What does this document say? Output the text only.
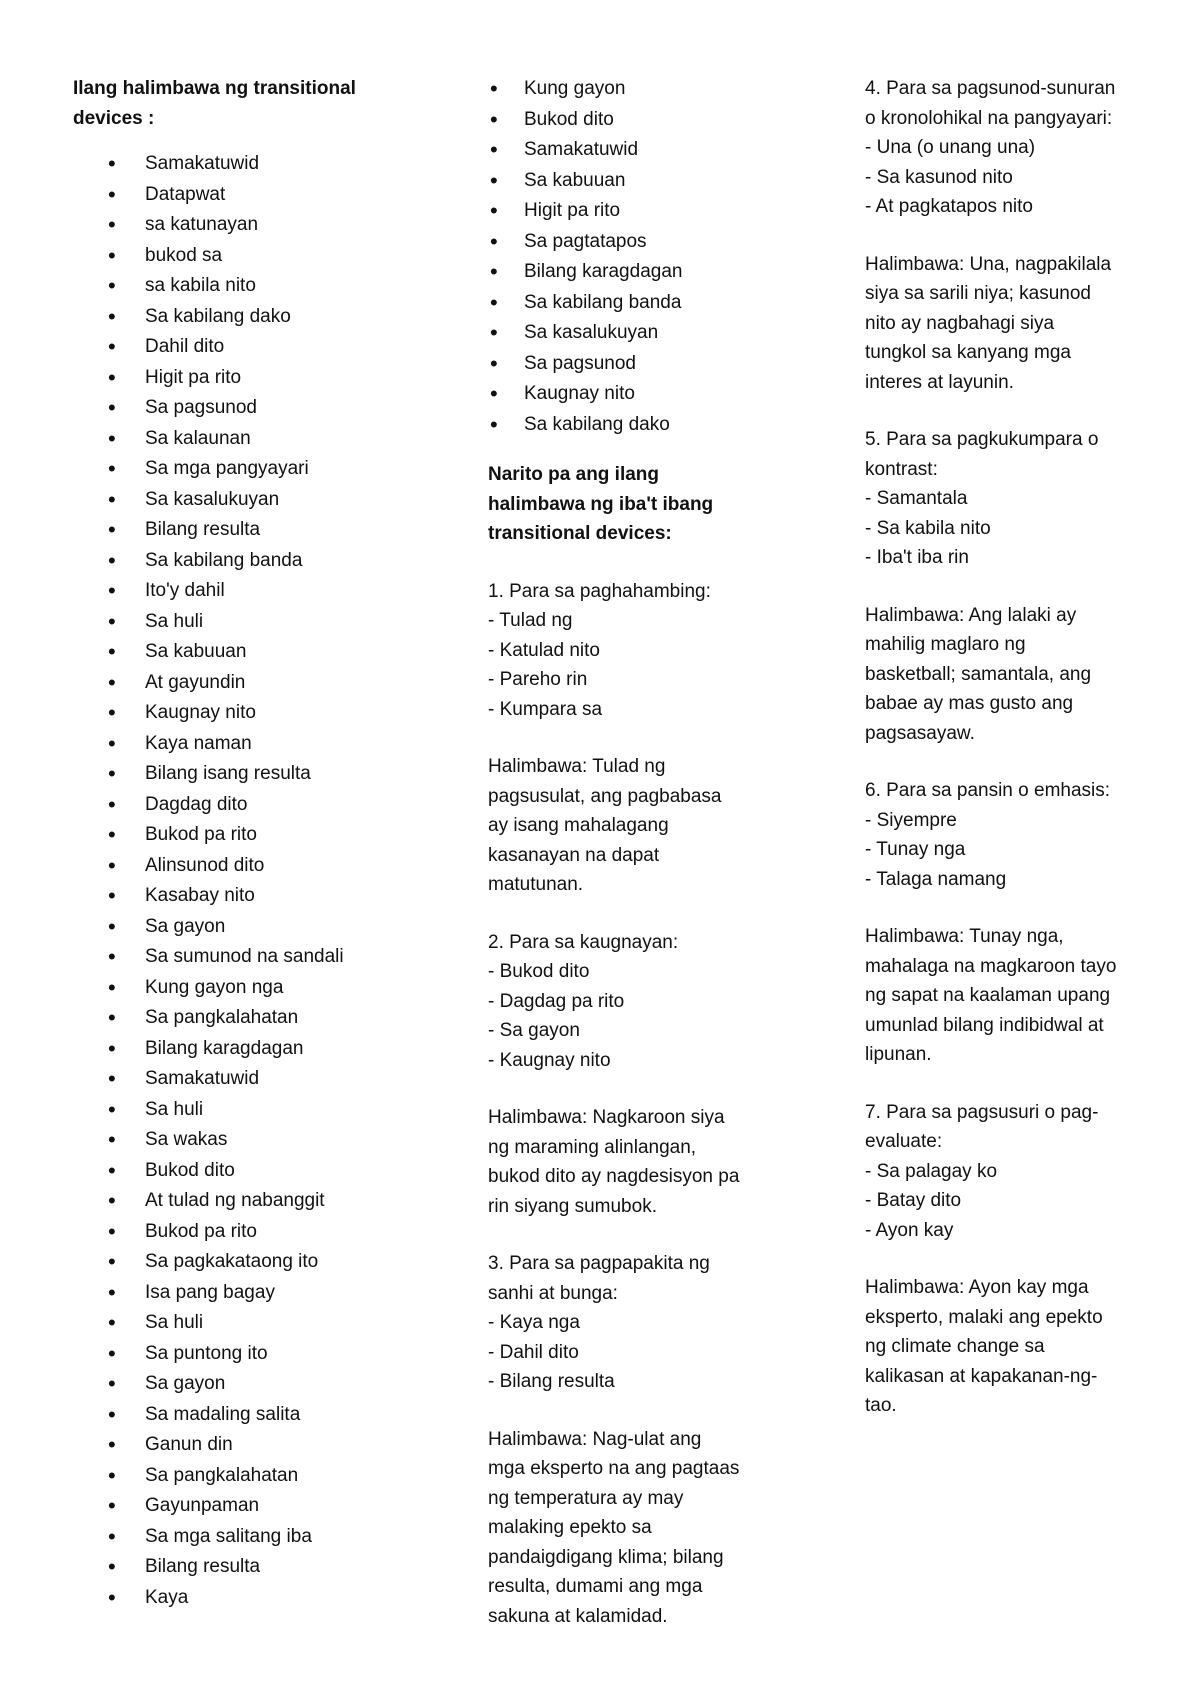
Ilang halimbawa ng transitional
devices :
• Samakatuwid
• Datapwat
• sa katunayan
• bukod sa
• sa kabila nito
• Sa kabilang dako
• Dahil dito
• Higit pa rito
• Sa pagsunod
• Sa kalaunan
• Sa mga pangyayari
• Sa kasalukuyan
• Bilang resulta
• Sa kabilang banda
• Ito'y dahil
• Sa huli
• Sa kabuuan
• At gayundin
• Kaugnay nito
• Kaya naman
• Bilang isang resulta
• Dagdag dito
• Bukod pa rito
• Alinsunod dito
• Kasabay nito
• Sa gayon
• Sa sumunod na sandali
• Kung gayon nga
• Sa pangkalahatan
• Bilang karagdagan
• Samakatuwid
• Sa huli
• Sa wakas
• Bukod dito
• At tulad ng nabanggit
• Bukod pa rito
• Sa pagkakataong ito
• Isa pang bagay
• Sa huli
• Sa puntong ito
• Sa gayon
• Sa madaling salita
• Ganun din
• Sa pangkalahatan
• Gayunpaman
• Sa mga salitang iba
• Bilang resulta
• Kaya
• Kung gayon
• Bukod dito
• Samakatuwid
• Sa kabuuan
• Higit pa rito
• Sa pagtatapos
• Bilang karagdagan
• Sa kabilang banda
• Sa kasalukuyan
• Sa pagsunod
• Kaugnay nito
• Sa kabilang dako
Narito pa ang ilang
halimbawa ng iba't ibang
transitional devices:
1. Para sa paghahambing:
- Tulad ng
- Katulad nito
- Pareho rin
- Kumpara sa
Halimbawa: Tulad ng
pagsusulat, ang pagbabasa
ay isang mahalagang
kasanayan na dapat
matutunan.
2. Para sa kaugnayan:
- Bukod dito
- Dagdag pa rito
- Sa gayon
- Kaugnay nito
Halimbawa: Nagkaroon siya
ng maraming alinlangan,
bukod dito ay nagdesisyon pa
rin siyang sumubok.
3. Para sa pagpapakita ng
sanhi at bunga:
- Kaya nga
- Dahil dito
- Bilang resulta
Halimbawa: Nag-ulat ang
mga eksperto na ang pagtaas
ng temperatura ay may
malaking epekto sa
pandaigdigang klima; bilang
resulta, dumami ang mga
sakuna at kalamidad.
4. Para sa pagsunod-sunuran
o kronolohikal na pangyayari:
- Una (o unang una)
- Sa kasunod nito
- At pagkatapos nito
Halimbawa: Una, nagpakilala
siya sa sarili niya; kasunod
nito ay nagbahagi siya
tungkol sa kanyang mga
interes at layunin.
5. Para sa pagkukumpara o
kontrast:
- Samantala
- Sa kabila nito
- Iba't iba rin
Halimbawa: Ang lalaki ay
mahilig maglaro ng
basketball; samantala, ang
babae ay mas gusto ang
pagsasayaw.
6. Para sa pansin o emhasis:
- Siyempre
- Tunay nga
- Talaga namang
Halimbawa: Tunay nga,
mahalaga na magkaroon tayo
ng sapat na kaalaman upang
umunlad bilang indibidwal at
lipunan.
7. Para sa pagsusuri o pag-
evaluate:
- Sa palagay ko
- Batay dito
- Ayon kay
Halimbawa: Ayon kay mga
eksperto, malaki ang epekto
ng climate change sa
kalikasan at kapakanan-ng-
tao.
